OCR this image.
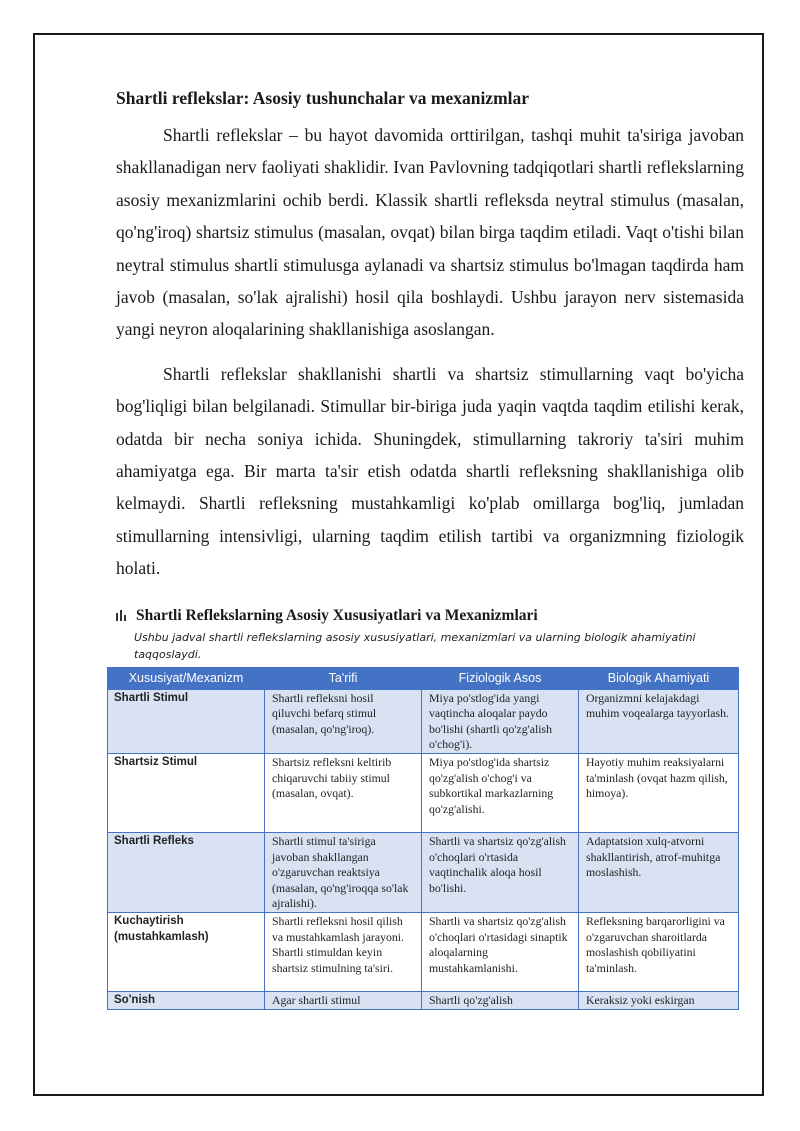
Shartli reflekslar: Asosiy tushunchalar va mexanizmlar

Shartli reflekslar – bu hayot davomida orttirilgan, tashqi muhit ta'siriga javoban shakllanadigan nerv faoliyati shaklidir. Ivan Pavlovning tadqiqotlari shartli reflekslarning asosiy mexanizmlarini ochib berdi. Klassik shartli refleksda neytral stimulus (masalan, qo'ng'iroq) shartsiz stimulus (masalan, ovqat) bilan birga taqdim etiladi. Vaqt o'tishi bilan neytral stimulus shartli stimulusga aylanadi va shartsiz stimulus bo'lmagan taqdirda ham javob (masalan, so'lak ajralishi) hosil qila boshlaydi. Ushbu jarayon nerv sistemasida yangi neyron aloqalarining shakllanishiga asoslangan.

Shartli reflekslar shakllanishi shartli va shartsiz stimullarning vaqt bo'yicha bog'liqligi bilan belgilanadi. Stimullar bir-biriga juda yaqin vaqtda taqdim etilishi kerak, odatda bir necha soniya ichida. Shuningdek, stimullarning takroriy ta'siri muhim ahamiyatga ega. Bir marta ta'sir etish odatda shartli refleksning shakllanishiga olib kelmaydi. Shartli refleksning mustahkamligi ko'plab omillarga bog'liq, jumladan stimullarning intensivligi, ularning taqdim etilish tartibi va organizmning fiziologik holati.

Shartli Reflekslarning Asosiy Xususiyatlari va Mexanizmlari
Ushbu jadval shartli reflekslarning asosiy xususiyatlari, mexanizmlari va ularning biologik ahamiyatini taqqoslaydi.
Xususiyat/Mexanizm	Ta'rifi	Fiziologik Asos	Biologik Ahamiyati
Shartli Stimul	Shartli refleksni hosil qiluvchi befarq stimul (masalan, qo'ng'iroq).	Miya po'stlog'ida yangi vaqtincha aloqalar paydo bo'lishi (shartli qo'zg'alish o'chog'i).	Organizmni kelajakdagi muhim voqealarga tayyorlash.
Shartsiz Stimul	Shartsiz refleksni keltirib chiqaruvchi tabiiy stimul (masalan, ovqat).	Miya po'stlog'ida shartsiz qo'zg'alish o'chog'i va subkortikal markazlarning qo'zg'alishi.	Hayotiy muhim reaksiyalarni ta'minlash (ovqat hazm qilish, himoya).
Shartli Refleks	Shartli stimul ta'siriga javoban shakllangan o'zgaruvchan reaktsiya (masalan, qo'ng'iroqqa so'lak ajralishi).	Shartli va shartsiz qo'zg'alish o'choqlari o'rtasida vaqtinchalik aloqa hosil bo'lishi.	Adaptatsion xulq-atvorni shakllantirish, atrof-muhitga moslashish.
Kuchaytirish (mustahkamlash)	Shartli refleksni hosil qilish va mustahkamlash jarayoni. Shartli stimuldan keyin shartsiz stimulning ta'siri.	Shartli va shartsiz qo'zg'alish o'choqlari o'rtasidagi sinaptik aloqalarning mustahkamlanishi.	Refleksning barqarorligini va o'zgaruvchan sharoitlarda moslashish qobiliyatini ta'minlash.
So'nish	Agar shartli stimul	Shartli qo'zg'alish	Keraksiz yoki eskirgan
